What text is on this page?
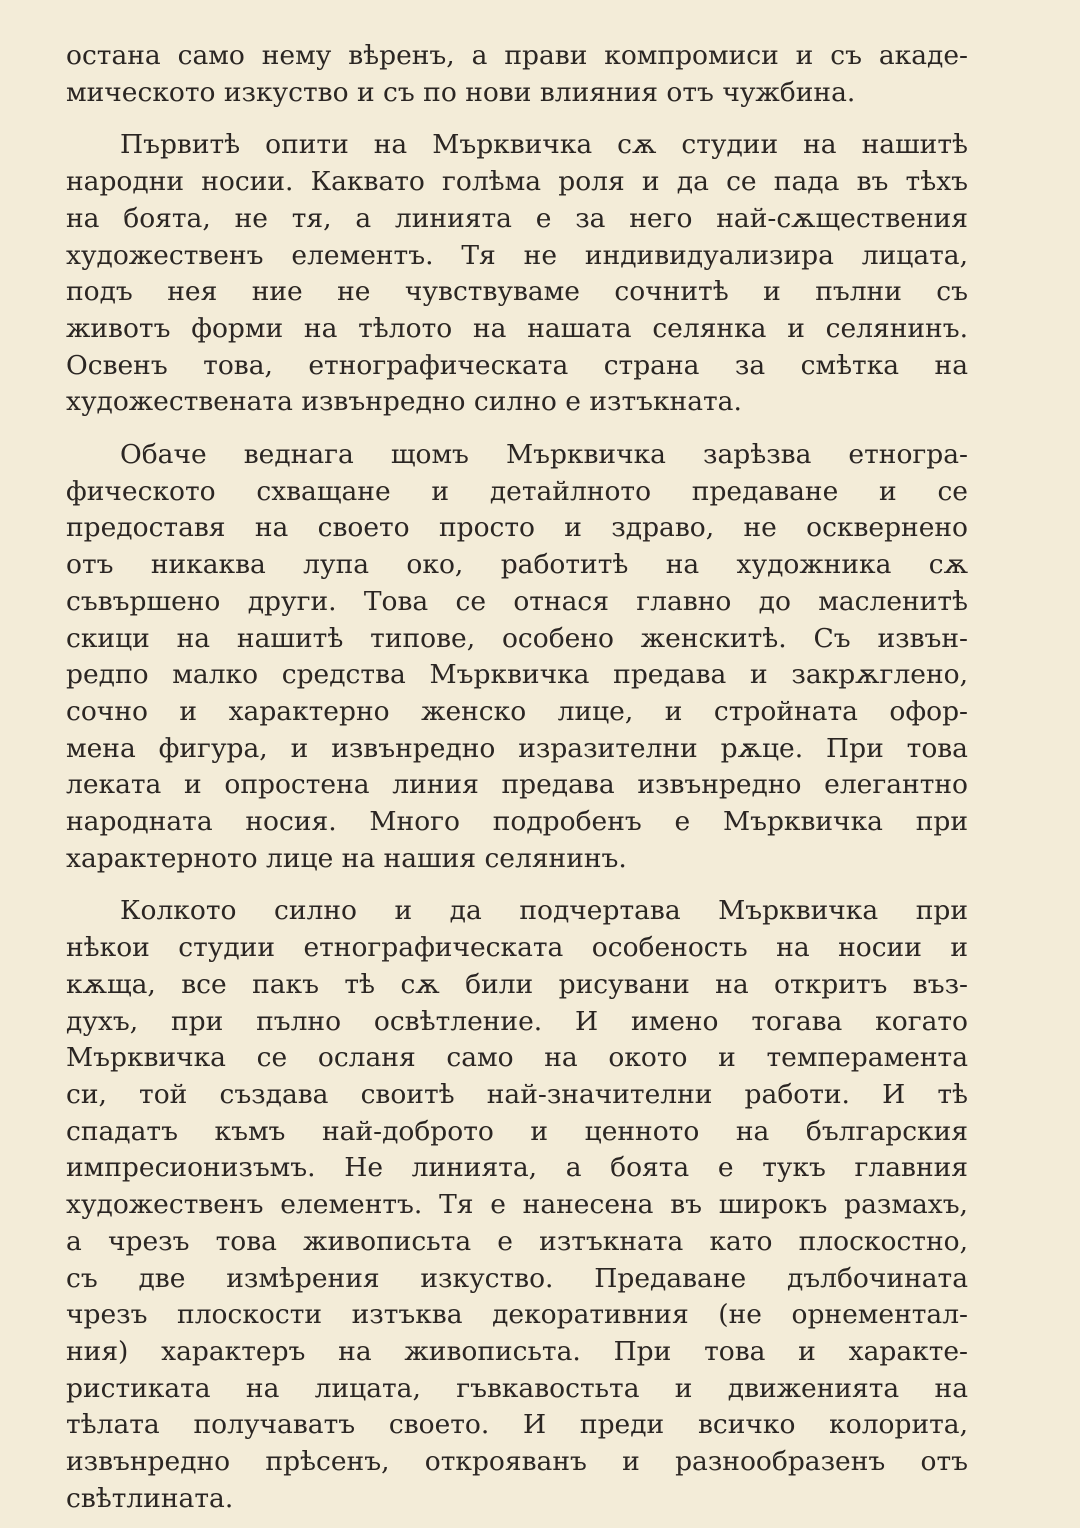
остана само нему вѣренъ, а прави компромиси и съ акаде-
мическото изкуство и съ по нови влияния отъ чужбина.

Първитѣ опити на Мърквичка сѫ студии на нашитѣ
народни носии. Каквато голѣма роля и да се пада въ тѣхъ
на боята, не тя, а линията е за него най-сѫществения
художественъ елементъ. Тя не индивидуализира лицата,
подъ нея ние не чувствуваме сочнитѣ и пълни съ
животъ форми на тѣлото на нашата селянка и селянинъ.
Освенъ това, етнографическата страна за смѣтка на
художествената извънредно силно е изтъкната.

Обаче веднага щомъ Мърквичка зарѣзва етногра-
фическото схващане и детайлното предаване и се
предоставя на своето просто и здраво, не осквернено
отъ никаква лупа око, работитѣ на художника сѫ
съвършено други. Това се отнася главно до масленитѣ
скици на нашитѣ типове, особено женскитѣ. Съ извън-
редпо малко средства Мърквичка предава и закрѫглено,
сочно и характерно женско лице, и стройната офор-
мена фигура, и извънредно изразителни рѫце. При това
леката и опростена линия предава извънредно елегантно
народната носия. Много подробенъ е Мърквичка при
характерното лице на нашия селянинъ.

Колкото силно и да подчертава Мърквичка при
нѣкои студии етнографическата особеность на носии и
кѫща, все пакъ тѣ сѫ били рисувани на откритъ въз-
духъ, при пълно освѣтление. И имено тогава когато
Мърквичка се осланя само на окото и темперамента
си, той създава своитѣ най-значителни работи. И тѣ
спадатъ къмъ най-доброто и ценното на българския
импресионизъмъ. Не линията, а боята е тукъ главния
художественъ елементъ. Тя е нанесена въ широкъ размахъ,
а чрезъ това живописьта е изтъкната като плоскостно,
съ две измѣрения изкуство. Предаване дълбочината
чрезъ плоскости изтъква декоративния (не орнементал-
ния) характеръ на живописьта. При това и характе-
ристиката на лицата, гъвкавостьта и движенията на
тѣлата получаватъ своето. И преди всичко колорита,
извънредно прѣсенъ, открояванъ и разнообразенъ отъ
свѣтлината.
